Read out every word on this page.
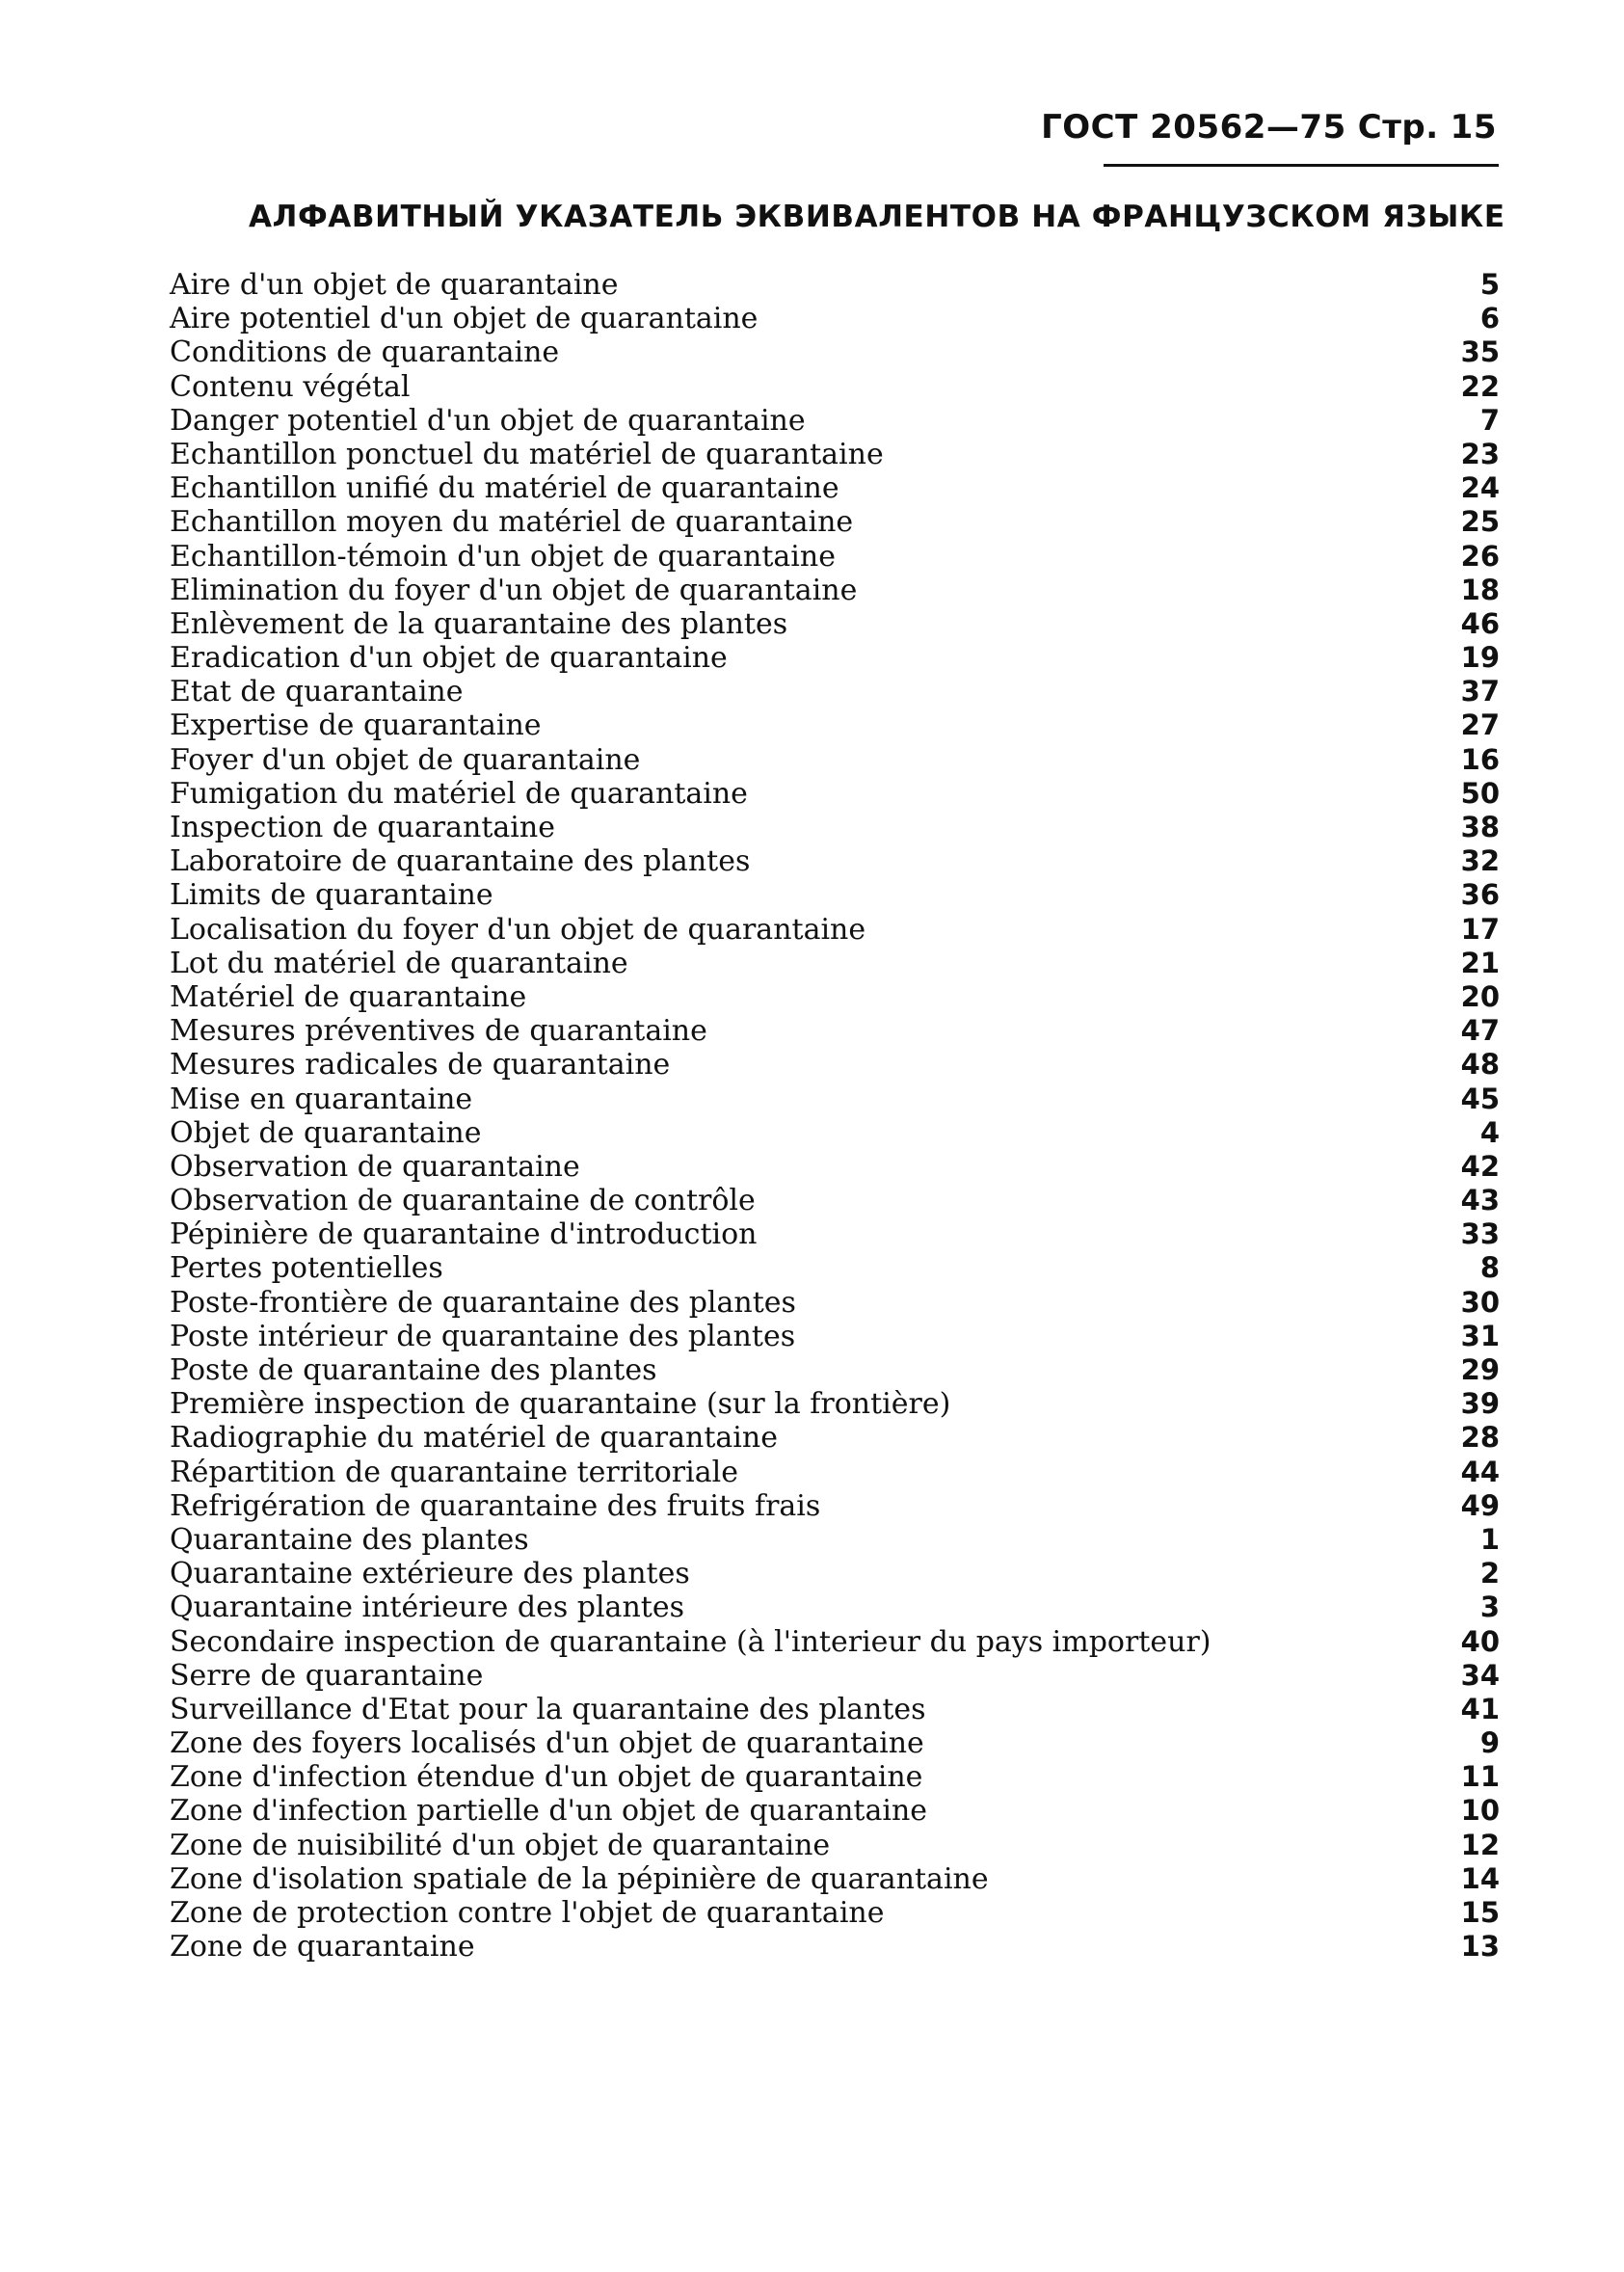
ГОСТ 20562—75 Стр. 15
АЛФАВИТНЫЙ УКАЗАТЕЛЬ ЭКВИВАЛЕНТОВ НА ФРАНЦУЗСКОМ ЯЗЫКЕ
Aire d'un objet de quarantaine	5
Aire potentiel d'un objet de quarantaine	6
Conditions de quarantaine	35
Contenu végétal	22
Danger potentiel d'un objet de quarantaine	7
Echantillon ponctuel du matériel de quarantaine	23
Echantillon unifié du matériel de quarantaine	24
Echantillon moyen du matériel de quarantaine	25
Echantillon-témoin d'un objet de quarantaine	26
Elimination du foyer d'un objet de quarantaine	18
Enlèvement de la quarantaine des plantes	46
Eradication d'un objet de quarantaine	19
Etat de quarantaine	37
Expertise de quarantaine	27
Foyer d'un objet de quarantaine	16
Fumigation du matériel de quarantaine	50
Inspection de quarantaine	38
Laboratoire de quarantaine des plantes	32
Limits de quarantaine	36
Localisation du foyer d'un objet de quarantaine	17
Lot du matériel de quarantaine	21
Matériel de quarantaine	20
Mesures préventives de quarantaine	47
Mesures radicales de quarantaine	48
Mise en quarantaine	45
Objet de quarantaine	4
Observation de quarantaine	42
Observation de quarantaine de contrôle	43
Pépinière de quarantaine d'introduction	33
Pertes potentielles	8
Poste-frontière de quarantaine des plantes	30
Poste intérieur de quarantaine des plantes	31
Poste de quarantaine des plantes	29
Première inspection de quarantaine (sur la frontière)	39
Radiographie du matériel de quarantaine	28
Répartition de quarantaine territoriale	44
Refrigération de quarantaine des fruits frais	49
Quarantaine des plantes	1
Quarantaine extérieure des plantes	2
Quarantaine intérieure des plantes	3
Secondaire inspection de quarantaine (à l'interieur du pays importeur)	40
Serre de quarantaine	34
Surveillance d'Etat pour la quarantaine des plantes	41
Zone des foyers localisés d'un objet de quarantaine	9
Zone d'infection étendue d'un objet de quarantaine	11
Zone d'infection partielle d'un objet de quarantaine	10
Zone de nuisibilité d'un objet de quarantaine	12
Zone d'isolation spatiale de la pépinière de quarantaine	14
Zone de protection contre l'objet de quarantaine	15
Zone de quarantaine	13
